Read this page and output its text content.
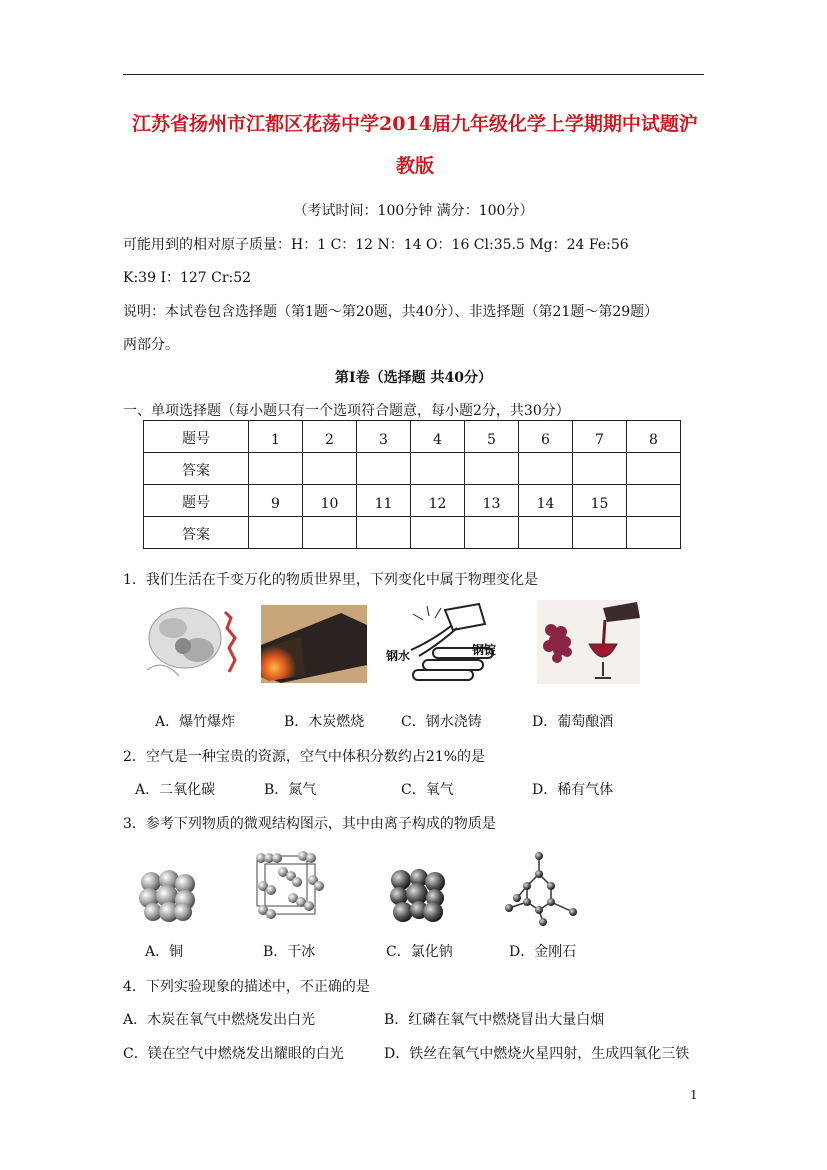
江苏省扬州市江都区花荡中学2014届九年级化学上学期期中试题沪
教版
（考试时间：100分钟 满分：100分）
可能用到的相对原子质量：H：1 C：12 N：14 O：16 Cl:35.5 Mg：24 Fe:56
K:39 I：127 Cr:52
说明：本试卷包含选择题（第1题～第20题，共40分）、非选择题（第21题～第29题）
两部分。
第Ⅰ卷（选择题 共40分）
一、单项选择题（每小题只有一个选项符合题意，每小题2分，共30分）
题号	1	2	3	4	5	6	7	8
答案								
题号	9	10	11	12	13	14	15	
答案								
1．我们生活在千变万化的物质世界里，下列变化中属于物理变化是
钢水	钢锭
A．爆竹爆炸	B．木炭燃烧	C．钢水浇铸	D．葡萄酿酒
2．空气是一种宝贵的资源，空气中体积分数约占21%的是
A．二氧化碳	B．氮气	C．氧气	D．稀有气体
3．参考下列物质的微观结构图示，其中由离子构成的物质是
A．铜	B．干冰	C．氯化钠	D．金刚石
4．下列实验现象的描述中，不正确的是
A．木炭在氧气中燃烧发出白光	B．红磷在氧气中燃烧冒出大量白烟
C．镁在空气中燃烧发出耀眼的白光	D．铁丝在氧气中燃烧火星四射，生成四氧化三铁
1
